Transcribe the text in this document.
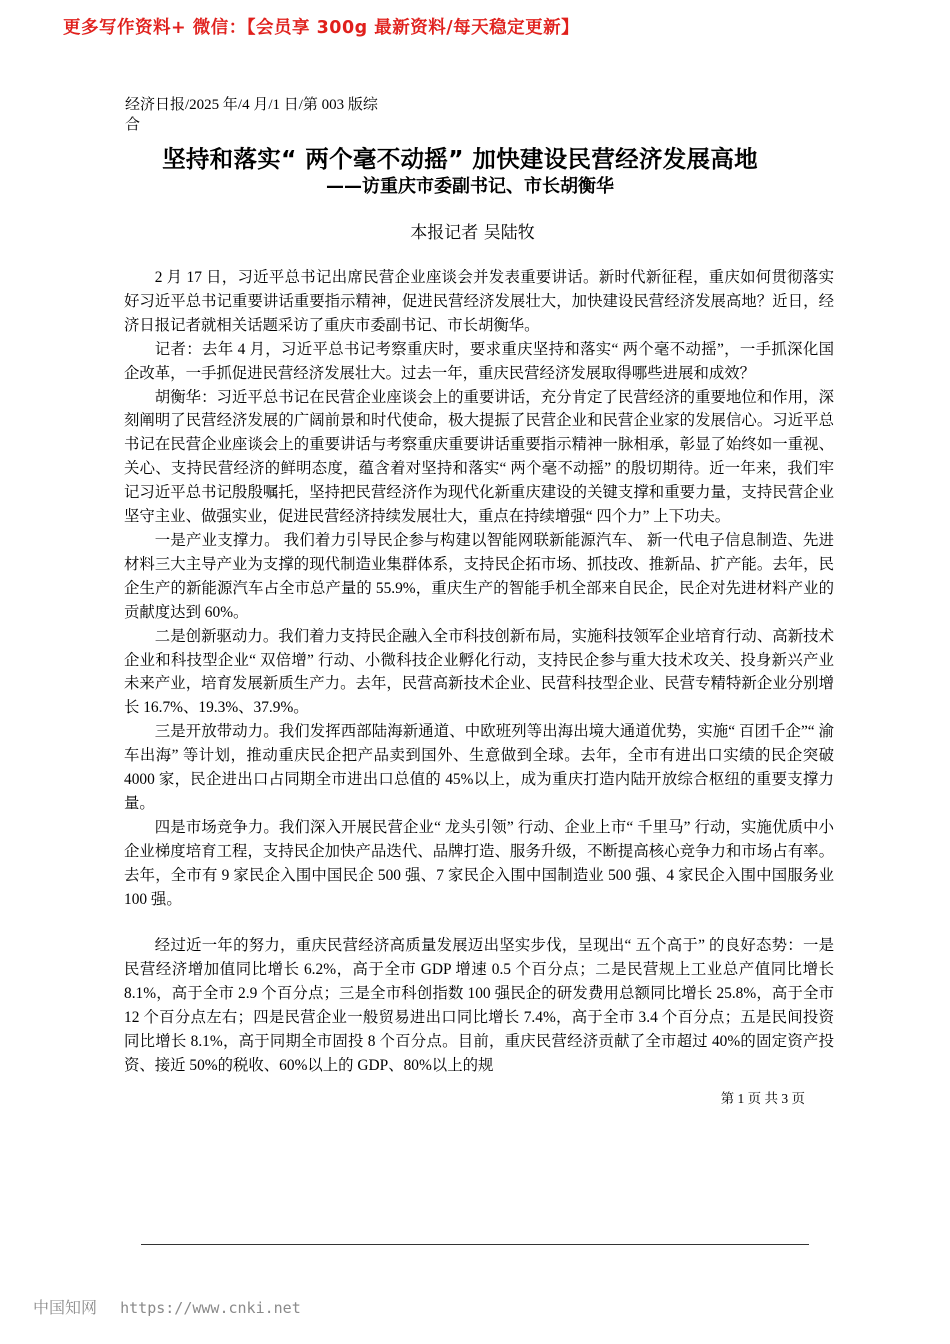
更多写作资料+ 微信：【会员享 300g 最新资料/每天稳定更新】
经济日报/2025 年/4 月/1 日/第 003 版综合
坚持和落实“ 两个毫不动摇” 加快建设民营经济发展高地
——访重庆市委副书记、市长胡衡华
本报记者 吴陆牧

2 月 17 日，习近平总书记出席民营企业座谈会并发表重要讲话。新时代新征程，重庆如何贯彻落实好习近平总书记重要讲话重要指示精神，促进民营经济发展壮大，加快建设民营经济发展高地？近日，经济日报记者就相关话题采访了重庆市委副书记、市长胡衡华。

记者：去年 4 月，习近平总书记考察重庆时，要求重庆坚持和落实“ 两个毫不动摇”，一手抓深化国企改革，一手抓促进民营经济发展壮大。过去一年，重庆民营经济发展取得哪些进展和成效？

胡衡华：习近平总书记在民营企业座谈会上的重要讲话，充分肯定了民营经济的重要地位和作用，深刻阐明了民营经济发展的广阔前景和时代使命，极大提振了民营企业和民营企业家的发展信心。习近平总书记在民营企业座谈会上的重要讲话与考察重庆重要讲话重要指示精神一脉相承，彰显了始终如一重视、关心、支持民营经济的鲜明态度，蕴含着对坚持和落实“ 两个毫不动摇” 的殷切期待。近一年来，我们牢记习近平总书记殷殷嘱托，坚持把民营经济作为现代化新重庆建设的关键支撑和重要力量，支持民营企业坚守主业、做强实业，促进民营经济持续发展壮大，重点在持续增强“ 四个力” 上下功夫。

一是产业支撑力。 我们着力引导民企参与构建以智能网联新能源汽车、 新一代电子信息制造、先进材料三大主导产业为支撑的现代制造业集群体系，支持民企拓市场、抓技改、推新品、扩产能。去年，民企生产的新能源汽车占全市总产量的 55.9%，重庆生产的智能手机全部来自民企，民企对先进材料产业的贡献度达到 60%。

二是创新驱动力。我们着力支持民企融入全市科技创新布局，实施科技领军企业培育行动、高新技术企业和科技型企业“ 双倍增” 行动、小微科技企业孵化行动，支持民企参与重大技术攻关、投身新兴产业未来产业，培育发展新质生产力。去年，民营高新技术企业、民营科技型企业、民营专精特新企业分别增长 16.7%、19.3%、37.9%。

三是开放带动力。我们发挥西部陆海新通道、中欧班列等出海出境大通道优势，实施“ 百团千企”“ 渝车出海” 等计划，推动重庆民企把产品卖到国外、生意做到全球。去年，全市有进出口实绩的民企突破 4000 家，民企进出口占同期全市进出口总值的 45%以上，成为重庆打造内陆开放综合枢纽的重要支撑力量。

四是市场竞争力。我们深入开展民营企业“ 龙头引领” 行动、企业上市“ 千里马” 行动，实施优质中小企业梯度培育工程，支持民企加快产品迭代、品牌打造、服务升级，不断提高核心竞争力和市场占有率。去年，全市有 9 家民企入围中国民企 500 强、7 家民企入围中国制造业 500 强、4 家民企入围中国服务业 100 强。

经过近一年的努力，重庆民营经济高质量发展迈出坚实步伐，呈现出“ 五个高于” 的良好态势：一是民营经济增加值同比增长 6.2%，高于全市 GDP 增速 0.5 个百分点；二是民营规上工业总产值同比增长 8.1%，高于全市 2.9 个百分点；三是全市科创指数 100 强民企的研发费用总额同比增长 25.8%，高于全市 12 个百分点左右；四是民营企业一般贸易进出口同比增长 7.4%，高于全市 3.4 个百分点；五是民间投资同比增长 8.1%，高于同期全市固投 8 个百分点。目前，重庆民营经济贡献了全市超过 40%的固定资产投资、接近 50%的税收、60%以上的 GDP、80%以上的规

第 1 页 共 3 页
中国知网 https://www.cnki.net
